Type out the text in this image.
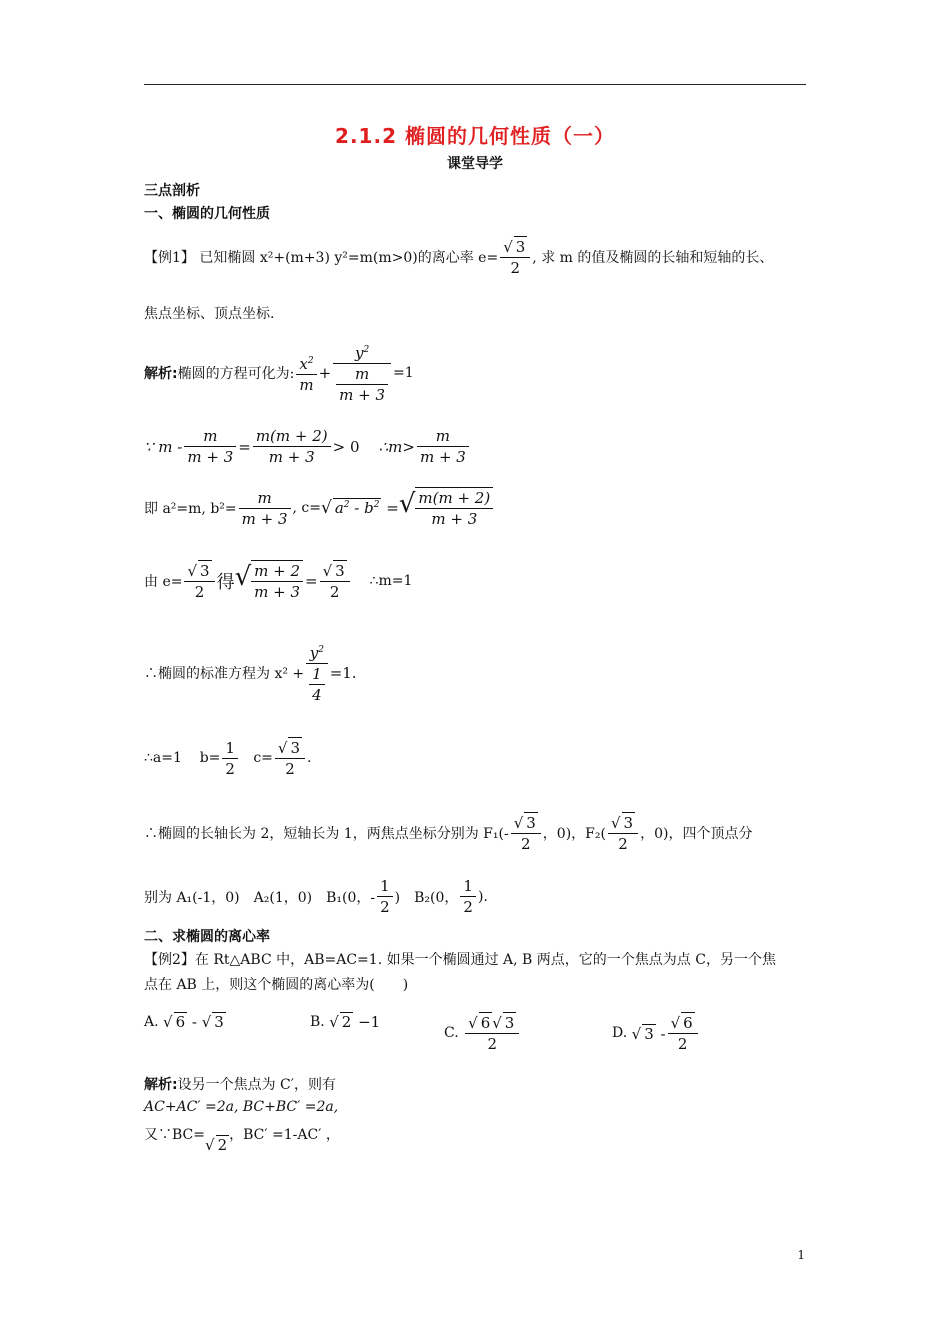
2.1.2 椭圆的几何性质（一）
课堂导学
三点剖析
一、椭圆的几何性质
【例1】
已知椭圆 x²+(m+3) y²=m(m>0)的离心率 $e= \frac{√ 3}{2}$ , 求 m 的值及椭圆的长轴和短轴的长、
焦点坐标、顶点坐标.
解析: 椭圆的方程可化为: $\frac{x^2}{m} + \frac{y^2}{\frac{m}{m + 3}} =1$
∵ $m - \frac{m}{m + 3} = \frac{m(m + 2)}{m + 3} > 0$
∴m> $\frac{m}{m + 3}$
即 a²=m, $b^2= \frac{m}{m + 3}$ , c= √ $a^2 - b^2$ = √ $\frac{m(m + 2)}{m + 3}$
由 $e= \frac{√ 3}{2}$ 得 √ $\frac{m + 2}{m + 3} = \frac{√ 3}{2}$
∴m=1
∴椭圆的标准方程为 $x^2 + \frac{y^2}{\frac{1}{4}} =1$.
∴a=1
$b= \frac{1}{2}$
$c= \frac{√ 3}{2}$ .
∴椭圆的长轴长为 2，短轴长为 1，两焦点坐标分别为 $F_1(- \frac{√ 3}{2}$ ，0)，$F_2( \frac{√ 3}{2}$ ，0)，四个顶点分
别为 A₁(-1，0)　A₂(1，0)　B₁(0，- $\frac{1}{2}$ )　B₂(0， $\frac{1}{2}$ ).
二、求椭圆的离心率
【例2】在 Rt△ABC 中，AB=AC=1. 如果一个椭圆通过 A, B 两点，它的一个焦点为点 C，另一个焦
点在 AB 上，则这个椭圆的离心率为(　　)
A.
√ 6 - √ 3	B.
√ 2 −1
C.
$\frac{√ 6 √ 3}{2}$	D.
√ $3 - \frac{√ 6}{2}$
解析: 设另一个焦点为 C′，则有
AC+AC′ =2a, BC+BC′ =2a,
又∵BC=
√ 2
，BC′ =1-AC′ ，
1
